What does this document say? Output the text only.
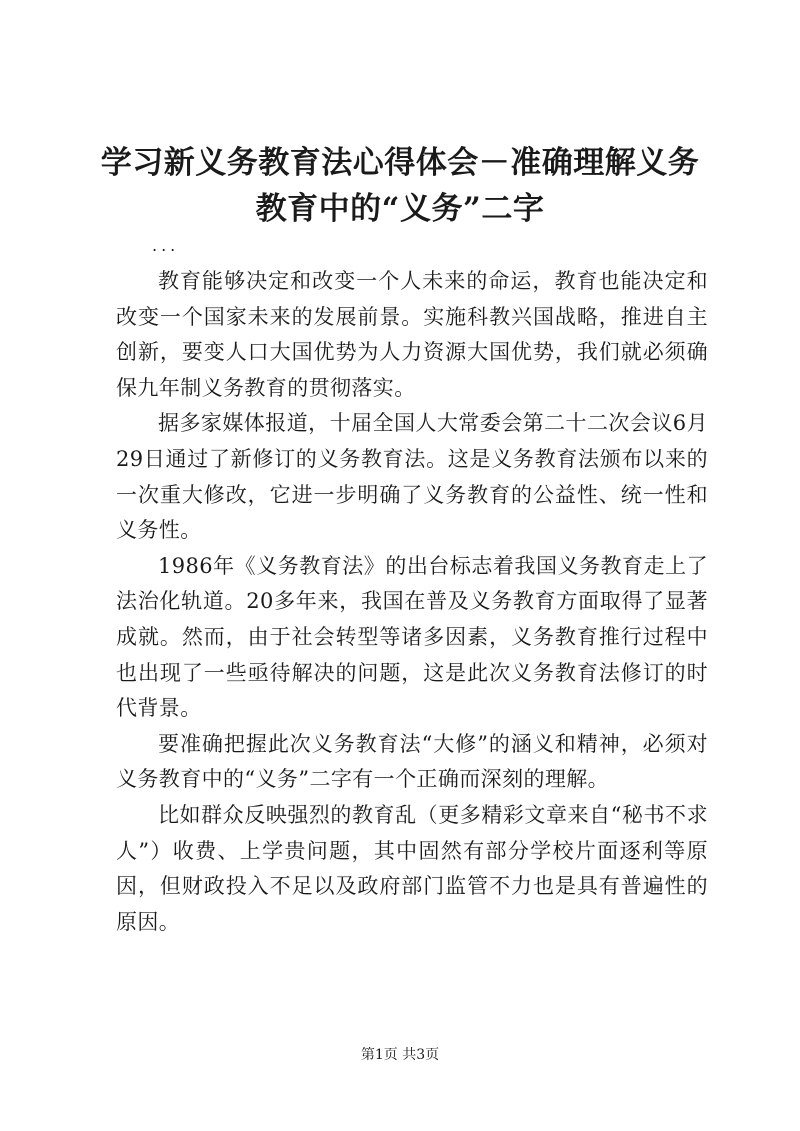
学习新义务教育法心得体会－准确理解义务教育中的“义务”二字

...

教育能够决定和改变一个人未来的命运，教育也能决定和改变一个国家未来的发展前景。实施科教兴国战略，推进自主创新，要变人口大国优势为人力资源大国优势，我们就必须确保九年制义务教育的贯彻落实。

据多家媒体报道，十届全国人大常委会第二十二次会议6月29日通过了新修订的义务教育法。这是义务教育法颁布以来的一次重大修改，它进一步明确了义务教育的公益性、统一性和义务性。

1986年《义务教育法》的出台标志着我国义务教育走上了法治化轨道。20多年来，我国在普及义务教育方面取得了显著成就。然而，由于社会转型等诸多因素，义务教育推行过程中也出现了一些亟待解决的问题，这是此次义务教育法修订的时代背景。

要准确把握此次义务教育法“大修”的涵义和精神，必须对义务教育中的“义务”二字有一个正确而深刻的理解。

比如群众反映强烈的教育乱（更多精彩文章来自“秘书不求人”）收费、上学贵问题，其中固然有部分学校片面逐利等原因，但财政投入不足以及政府部门监管不力也是具有普遍性的原因。

第1页 共3页
